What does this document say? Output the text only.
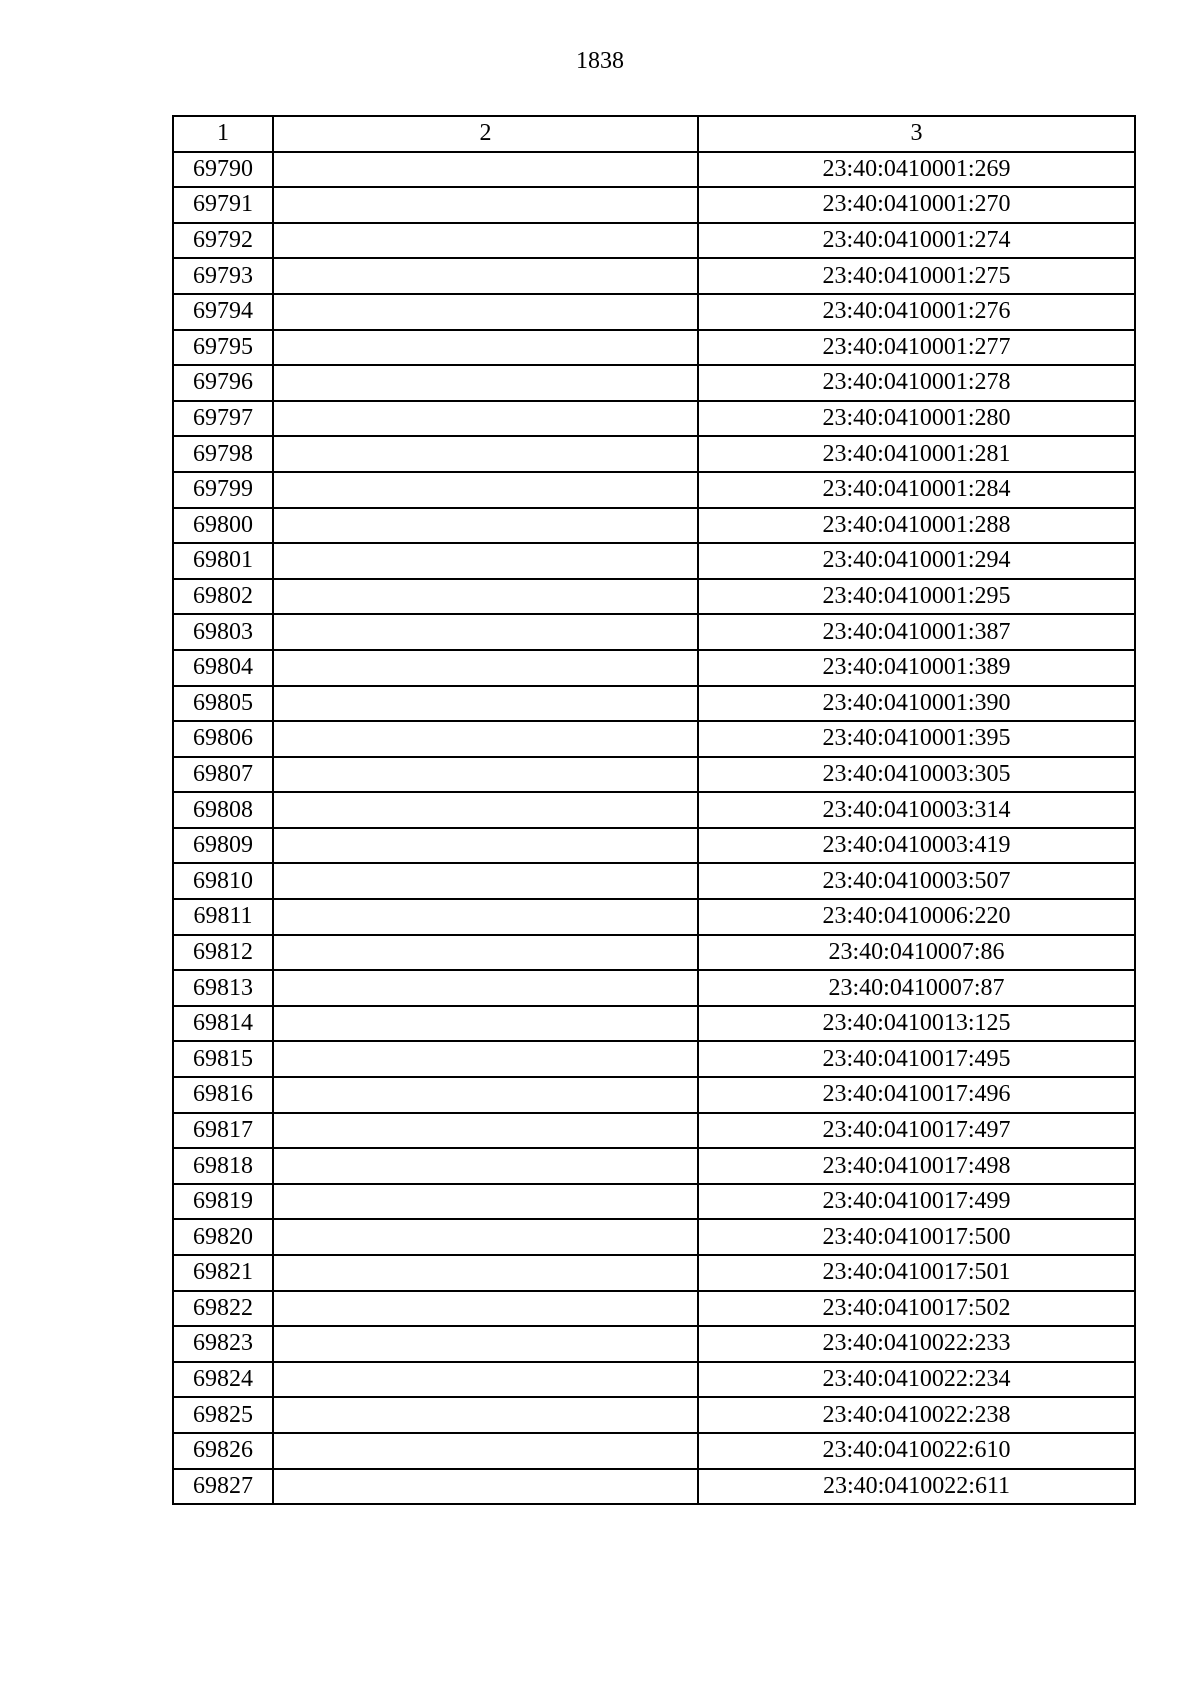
1838
1	2	3
69790		23:40:0410001:269
69791		23:40:0410001:270
69792		23:40:0410001:274
69793		23:40:0410001:275
69794		23:40:0410001:276
69795		23:40:0410001:277
69796		23:40:0410001:278
69797		23:40:0410001:280
69798		23:40:0410001:281
69799		23:40:0410001:284
69800		23:40:0410001:288
69801		23:40:0410001:294
69802		23:40:0410001:295
69803		23:40:0410001:387
69804		23:40:0410001:389
69805		23:40:0410001:390
69806		23:40:0410001:395
69807		23:40:0410003:305
69808		23:40:0410003:314
69809		23:40:0410003:419
69810		23:40:0410003:507
69811		23:40:0410006:220
69812		23:40:0410007:86
69813		23:40:0410007:87
69814		23:40:0410013:125
69815		23:40:0410017:495
69816		23:40:0410017:496
69817		23:40:0410017:497
69818		23:40:0410017:498
69819		23:40:0410017:499
69820		23:40:0410017:500
69821		23:40:0410017:501
69822		23:40:0410017:502
69823		23:40:0410022:233
69824		23:40:0410022:234
69825		23:40:0410022:238
69826		23:40:0410022:610
69827		23:40:0410022:611
